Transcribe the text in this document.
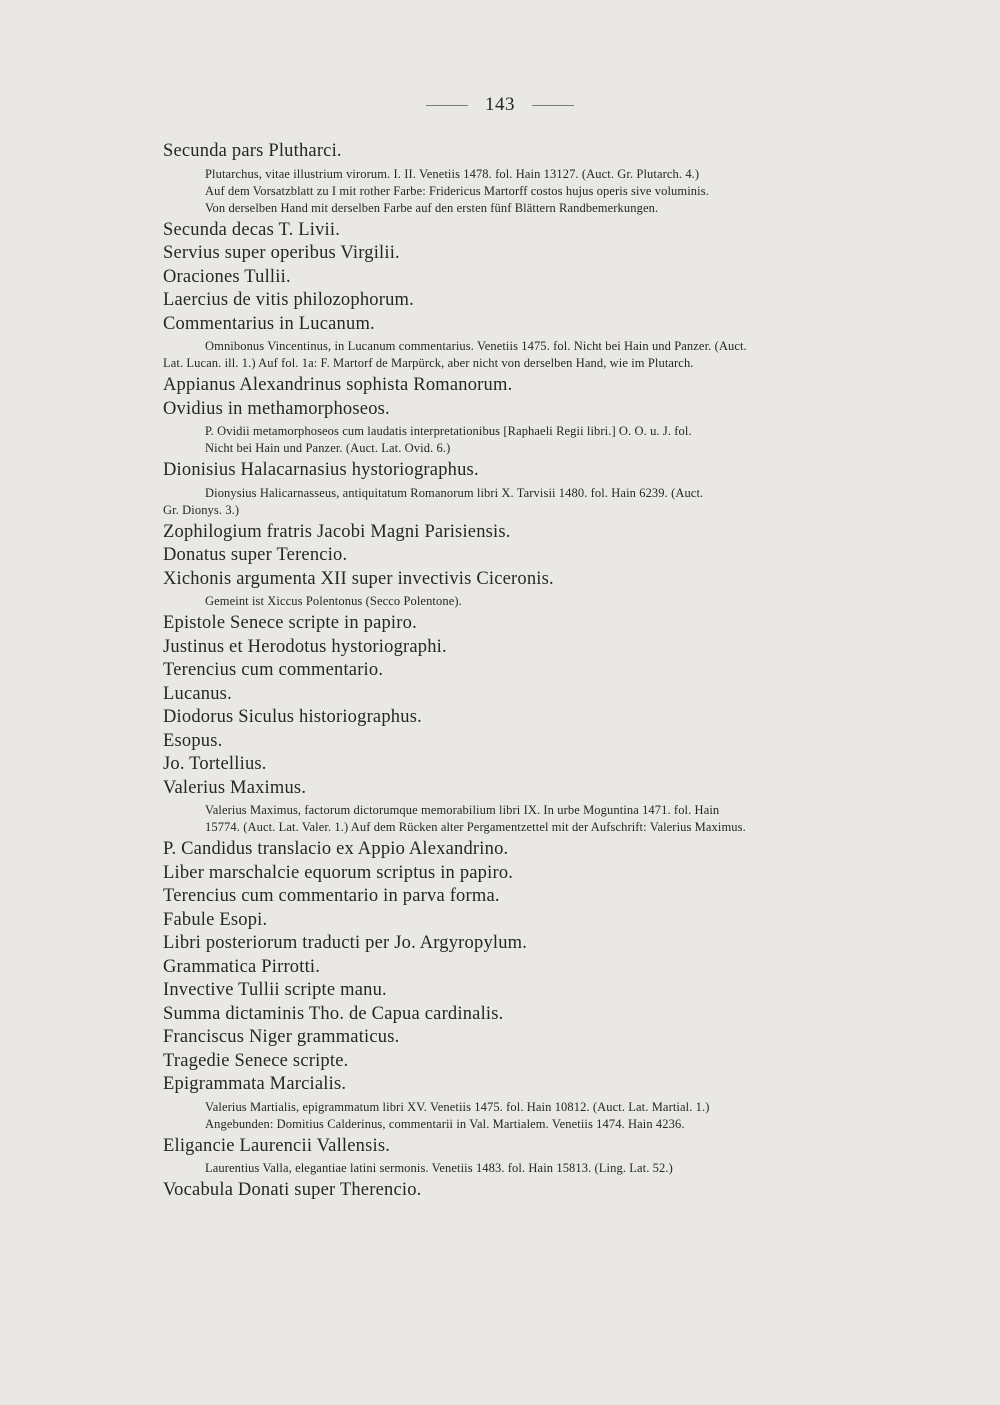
143
Secunda pars Plutharci.
Plutarchus, vitae illustrium virorum. I. II. Venetiis 1478. fol. Hain 13127. (Auct. Gr. Plutarch. 4.)
Auf dem Vorsatzblatt zu I mit rother Farbe: Fridericus Martorff costos hujus operis sive voluminis.
Von derselben Hand mit derselben Farbe auf den ersten fünf Blättern Randbemerkungen.
Secunda decas T. Livii.
Servius super operibus Virgilii.
Oraciones Tullii.
Laercius de vitis philozophorum.
Commentarius in Lucanum.
Omnibonus Vincentinus, in Lucanum commentarius. Venetiis 1475. fol. Nicht bei Hain und Panzer. (Auct.
Lat. Lucan. ill. 1.) Auf fol. 1a: F. Martorf de Marpürck, aber nicht von derselben Hand, wie im Plutarch.
Appianus Alexandrinus sophista Romanorum.
Ovidius in methamorphoseos.
P. Ovidii metamorphoseos cum laudatis interpretationibus [Raphaeli Regii libri.] O. O. u. J. fol.
Nicht bei Hain und Panzer. (Auct. Lat. Ovid. 6.)
Dionisius Halacarnasius hystoriographus.
Dionysius Halicarnasseus, antiquitatum Romanorum libri X. Tarvisii 1480. fol. Hain 6239. (Auct.
Gr. Dionys. 3.)
Zophilogium fratris Jacobi Magni Parisiensis.
Donatus super Terencio.
Xichonis argumenta XII super invectivis Ciceronis.
Gemeint ist Xiccus Polentonus (Secco Polentone).
Epistole Senece scripte in papiro.
Justinus et Herodotus hystoriographi.
Terencius cum commentario.
Lucanus.
Diodorus Siculus historiographus.
Esopus.
Jo. Tortellius.
Valerius Maximus.
Valerius Maximus, factorum dictorumque memorabilium libri IX. In urbe Moguntina 1471. fol. Hain
15774. (Auct. Lat. Valer. 1.) Auf dem Rücken alter Pergamentzettel mit der Aufschrift: Valerius Maximus.
P. Candidus translacio ex Appio Alexandrino.
Liber marschalcie equorum scriptus in papiro.
Terencius cum commentario in parva forma.
Fabule Esopi.
Libri posteriorum traducti per Jo. Argyropylum.
Grammatica Pirrotti.
Invective Tullii scripte manu.
Summa dictaminis Tho. de Capua cardinalis.
Franciscus Niger grammaticus.
Tragedie Senece scripte.
Epigrammata Marcialis.
Valerius Martialis, epigrammatum libri XV. Venetiis 1475. fol. Hain 10812. (Auct. Lat. Martial. 1.)
Angebunden: Domitius Calderinus, commentarii in Val. Martialem. Venetiis 1474. Hain 4236.
Eligancie Laurencii Vallensis.
Laurentius Valla, elegantiae latini sermonis. Venetiis 1483. fol. Hain 15813. (Ling. Lat. 52.)
Vocabula Donati super Therencio.
